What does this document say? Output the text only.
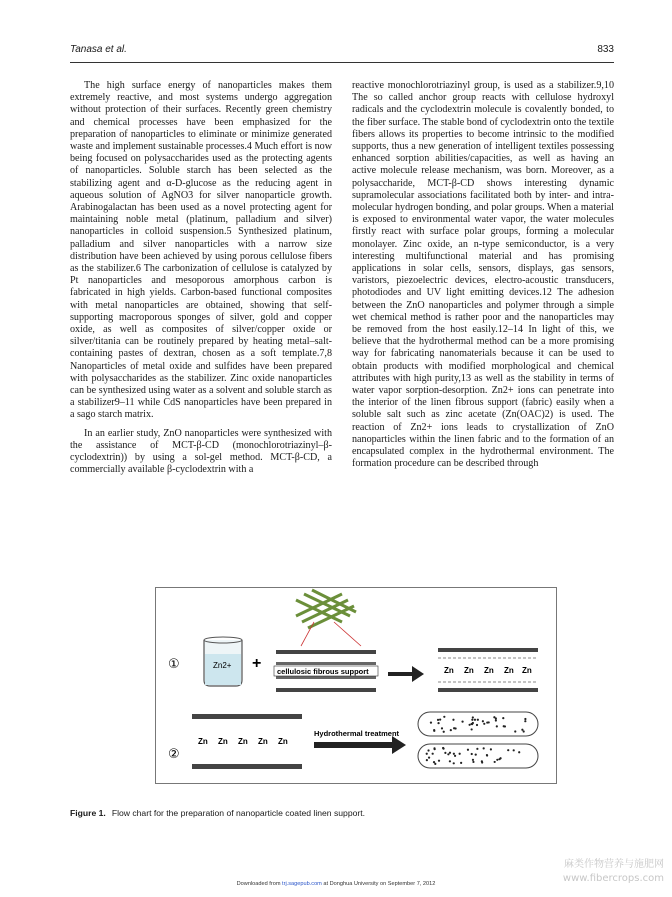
Tanasa et al.	833

The high surface energy of nanoparticles makes them extremely reactive, and most systems undergo aggregation without protection of their surfaces. Recently green chemistry and chemical processes have been emphasized for the preparation of nanoparticles to eliminate or minimize generated waste and implement sustainable processes.4 Much effort is now being focused on polysaccharides used as the protecting agents of nanoparticles. Soluble starch has been selected as the stabilizing agent and α-D-glucose as the reducing agent in aqueous solution of AgNO3 for silver nanoparticle growth. Arabinogalactan has been used as a novel protecting agent for maintaining noble metal (platinum, palladium and silver) nanoparticles in colloid suspension.5 Synthesized platinum, palladium and silver nanoparticles with a narrow size distribution have been achieved by using porous cellulose fibers as the stabilizer.6 The carbonization of cellulose is catalyzed by Pt nanoparticles and mesoporous amorphous carbon is fabricated in high yields. Carbon-based functional composites with metal nanoparticles are obtained, showing that self-supporting macroporous sponges of silver, gold and copper oxide, as well as composites of silver/copper oxide or silver/titania can be routinely prepared by heating metal–salt-containing pastes of dextran, chosen as a soft template.7,8 Nanoparticles of metal oxide and sulfides have been prepared with polysaccharides as the stabilizer. Zinc oxide nanoparticles can be synthesized using water as a solvent and soluble starch as a stabilizer9–11 while CdS nanoparticles have been prepared in a sago starch matrix.

In an earlier study, ZnO nanoparticles were synthesized with the assistance of MCT-β-CD (monochlorotriazinyl–β-cyclodextrin)) by using a sol-gel method. MCT-β-CD, a commercially available β-cyclodextrin with a

reactive monochlorotriazinyl group, is used as a stabilizer.9,10 The so called anchor group reacts with cellulose hydroxyl radicals and the cyclodextrin molecule is covalently bonded, to the fiber surface. The stable bond of cyclodextrin onto the textile fibers allows its properties to become intrinsic to the modified supports, thus a new generation of intelligent textiles possessing enhanced sorption abilities/capacities, as well as having an active molecule release mechanism, was born. Moreover, as a polysaccharide, MCT-β-CD shows interesting dynamic supramolecular associations facilitated both by inter- and intra-molecular hydrogen bonding, and polar groups. When a material is exposed to environmental water vapor, the water molecules firstly react with surface polar groups, forming a molecular monolayer. Zinc oxide, an n-type semiconductor, is a very interesting multifunctional material and has promising applications in solar cells, sensors, displays, gas sensors, varistors, piezoelectric devices, electro-acoustic transducers, photodiodes and UV light emitting devices.12 The adhesion between the ZnO nanoparticles and polymer through a simple wet chemical method is rather poor and the nanoparticles may be removed from the host easily.12–14 In light of this, we believe that the hydrothermal method can be a more promising way for fabricating nanomaterials because it can be used to obtain products with modified morphological and chemical attributes with high purity,13 as well as the stability in terms of water vapor sorption-desorption. Zn2+ ions can penetrate into the interior of the linen fibrous support (fabric) easily when a soluble salt such as zinc acetate (Zn(OAC)2) is used. The reaction of Zn2+ ions leads to crystallization of ZnO nanoparticles within the linen fabric and to the formation of an encapsulated complex in the hydrothermal environment. The formation procedure can be described through

①	Zn2+ + cellulosic fibrous support	Zn Zn Zn Zn Zn
②
Zn Zn Zn Zn Zn
Hydrothermal treatment
Figure 1. Flow chart for the preparation of nanoparticle coated linen support.
Downloaded from trj.sagepub.com at Donghua University on September 7, 2012
麻类作物营养与施肥网
www.fibercrops.com
